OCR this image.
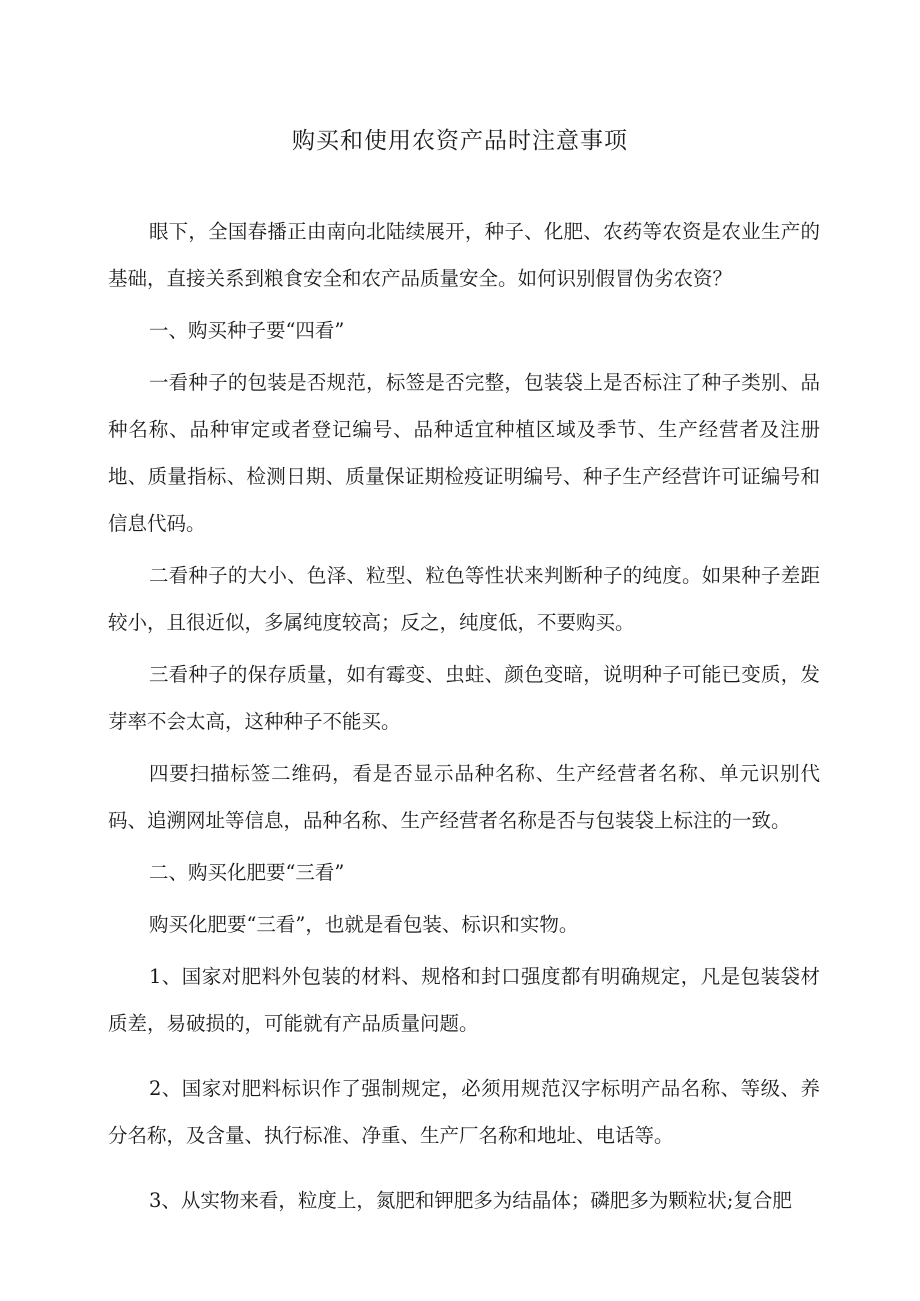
购买和使用农资产品时注意事项

眼下，全国春播正由南向北陆续展开，种子、化肥、农药等农资是农业生产的基础，直接关系到粮食安全和农产品质量安全。如何识别假冒伪劣农资？

一、购买种子要“四看”

一看种子的包装是否规范，标签是否完整，包装袋上是否标注了种子类别、品种名称、品种审定或者登记编号、品种适宜种植区域及季节、生产经营者及注册地、质量指标、检测日期、质量保证期检疫证明编号、种子生产经营许可证编号和信息代码。

二看种子的大小、色泽、粒型、粒色等性状来判断种子的纯度。如果种子差距较小，且很近似，多属纯度较高；反之，纯度低，不要购买。

三看种子的保存质量，如有霉变、虫蛀、颜色变暗，说明种子可能已变质，发芽率不会太高，这种种子不能买。

四要扫描标签二维码，看是否显示品种名称、生产经营者名称、单元识别代码、追溯网址等信息，品种名称、生产经营者名称是否与包装袋上标注的一致。

二、购买化肥要“三看”

购买化肥要“三看”，也就是看包装、标识和实物。

1、国家对肥料外包装的材料、规格和封口强度都有明确规定，凡是包装袋材质差，易破损的，可能就有产品质量问题。

2、国家对肥料标识作了强制规定，必须用规范汉字标明产品名称、等级、养分名称，及含量、执行标准、净重、生产厂名称和地址、电话等。

3、从实物来看，粒度上，氮肥和钾肥多为结晶体；磷肥多为颗粒状;复合肥
